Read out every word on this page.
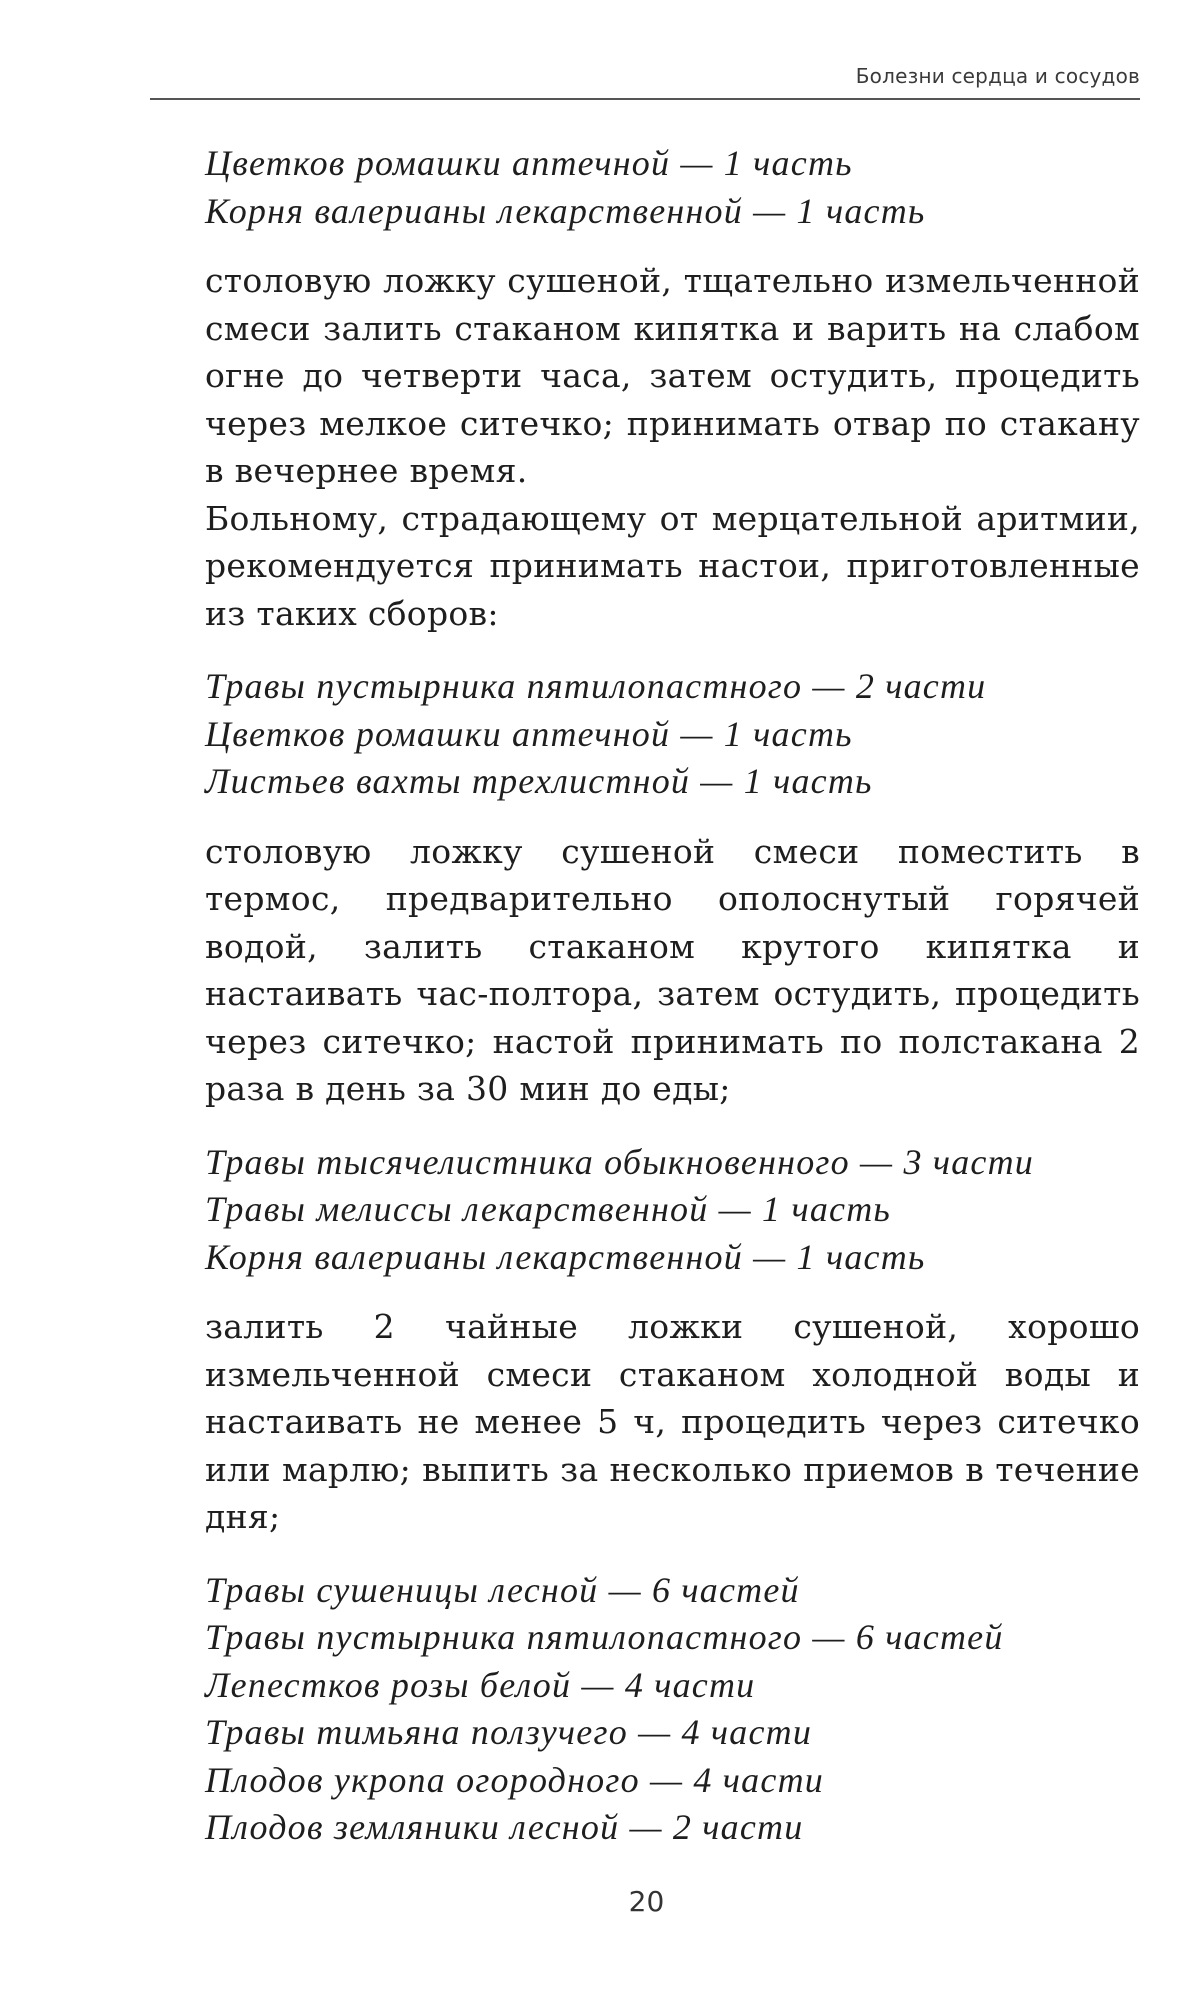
Болезни сердца и сосудов
Цветков ромашки аптечной — 1 часть
Корня валерианы лекарственной — 1 часть

столовую ложку сушеной, тщательно измельченной смеси залить стаканом кипятка и варить на слабом огне до четверти часа, затем остудить, процедить через мелкое ситечко; принимать отвар по стакану в вечернее время.

Больному, страдающему от мерцательной аритмии, рекомендуется принимать настои, приготовленные из таких сборов:

Травы пустырника пятилопастного — 2 части
Цветков ромашки аптечной — 1 часть
Листьев вахты трехлистной — 1 часть

столовую ложку сушеной смеси поместить в термос, предварительно ополоснутый горячей водой, залить стаканом крутого кипятка и настаивать час-полтора, затем остудить, процедить через ситечко; настой принимать по полстакана 2 раза в день за 30 мин до еды;

Травы тысячелистника обыкновенного — 3 части
Травы мелиссы лекарственной — 1 часть
Корня валерианы лекарственной — 1 часть

залить 2 чайные ложки сушеной, хорошо измельченной смеси стаканом холодной воды и настаивать не менее 5 ч, процедить через ситечко или марлю; выпить за несколько приемов в течение дня;

Травы сушеницы лесной — 6 частей
Травы пустырника пятилопастного — 6 частей
Лепестков розы белой — 4 части
Травы тимьяна ползучего — 4 части
Плодов укропа огородного — 4 части
Плодов земляники лесной — 2 части
20
